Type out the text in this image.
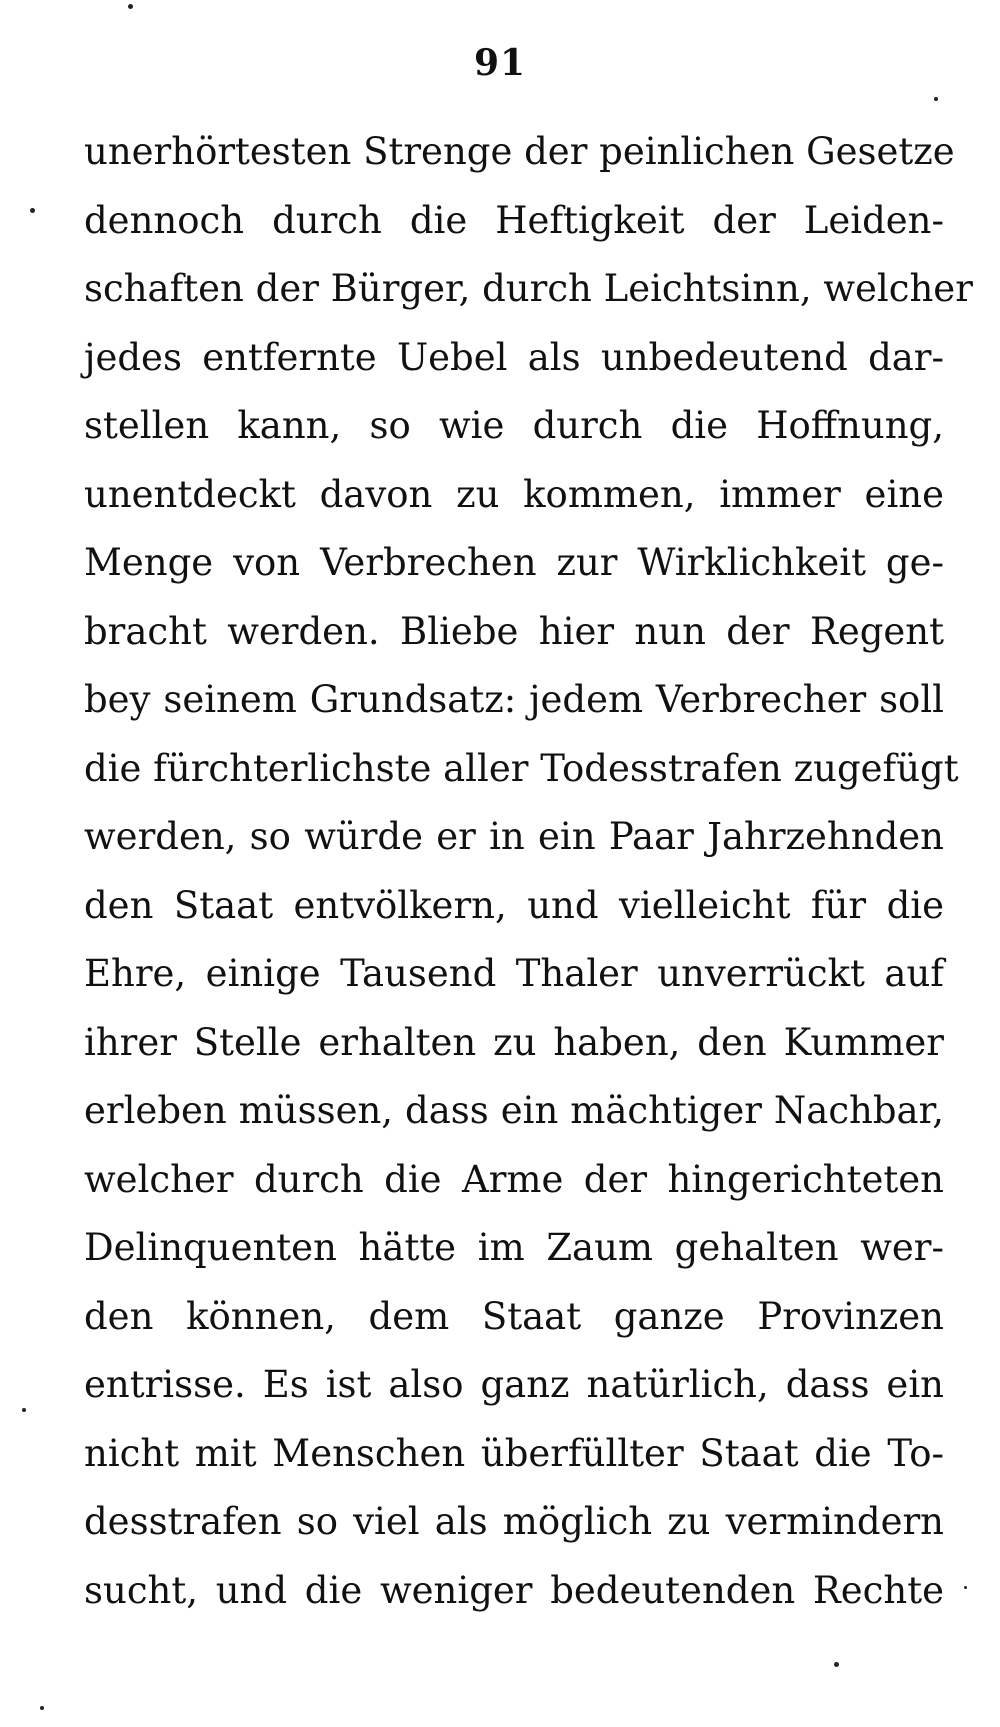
91
unerhörtesten Strenge der peinlichen Gesetze
dennoch durch die Heftigkeit der Leiden-
schaften der Bürger, durch Leichtsinn, welcher
jedes entfernte Uebel als unbedeutend dar-
stellen kann, so wie durch die Hoffnung,
unentdeckt davon zu kommen, immer eine
Menge von Verbrechen zur Wirklichkeit ge-
bracht werden. Bliebe hier nun der Regent
bey seinem Grundsatz: jedem Verbrecher soll
die fürchterlichste aller Todesstrafen zugefügt
werden, so würde er in ein Paar Jahrzehnden
den Staat entvölkern, und vielleicht für die
Ehre, einige Tausend Thaler unverrückt auf
ihrer Stelle erhalten zu haben, den Kummer
erleben müssen, dass ein mächtiger Nachbar,
welcher durch die Arme der hingerichteten
Delinquenten hätte im Zaum gehalten wer-
den können, dem Staat ganze Provinzen
entrisse. Es ist also ganz natürlich, dass ein
nicht mit Menschen überfüllter Staat die To-
desstrafen so viel als möglich zu vermindern
sucht, und die weniger bedeutenden Rechte
